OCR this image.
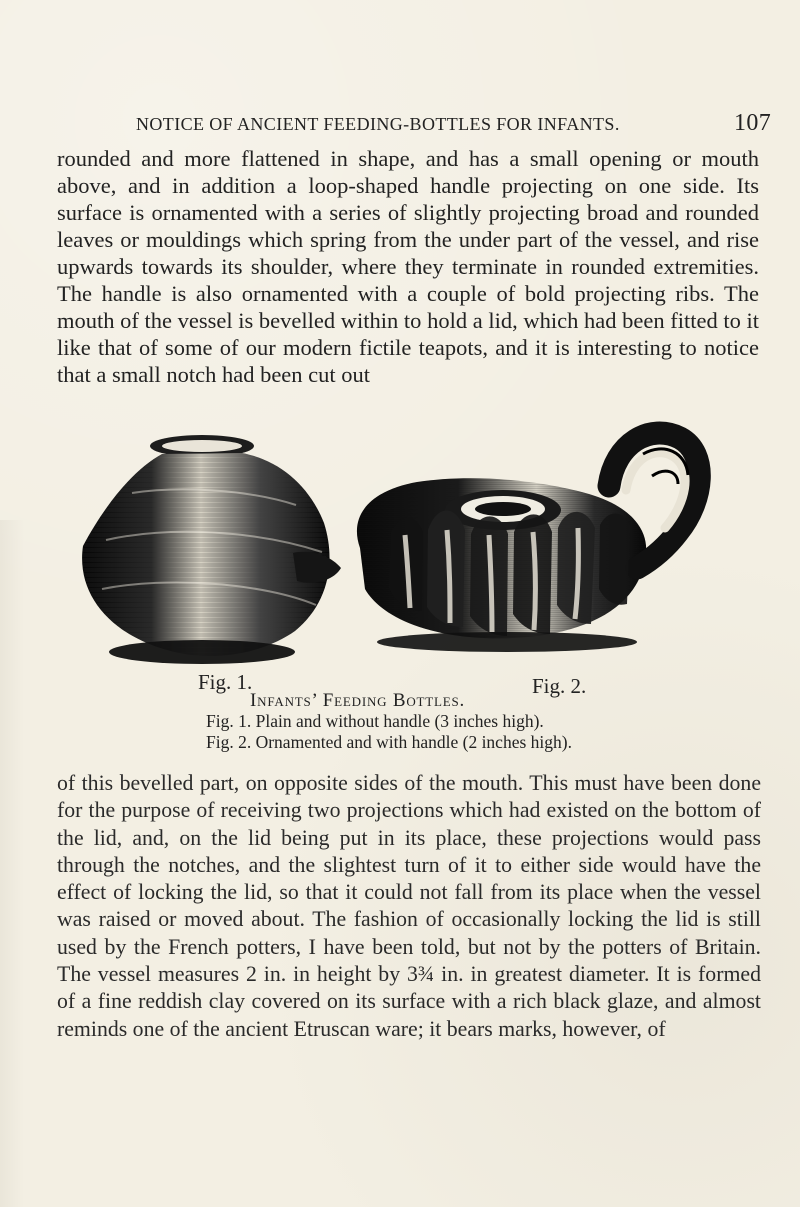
NOTICE OF ANCIENT FEEDING-BOTTLES FOR INFANTS.	107
rounded and more flattened in shape, and has a small opening or mouth above, and in addition a loop-shaped handle projecting on one side. Its surface is ornamented with a series of slightly projecting broad and rounded leaves or mouldings which spring from the under part of the vessel, and rise upwards towards its shoulder, where they terminate in rounded extremities. The handle is also ornamented with a couple of bold projecting ribs. The mouth of the vessel is bevelled within to hold a lid, which had been fitted to it like that of some of our modern fictile teapots, and it is interesting to notice that a small notch had been cut out
Fig. 1.	Fig. 2.
Infants’ Feeding Bottles.
Fig. 1. Plain and without handle (3 inches high).
Fig. 2. Ornamented and with handle (2 inches high).
of this bevelled part, on opposite sides of the mouth. This must have been done for the purpose of receiving two projections which had existed on the bottom of the lid, and, on the lid being put in its place, these projections would pass through the notches, and the slightest turn of it to either side would have the effect of locking the lid, so that it could not fall from its place when the vessel was raised or moved about. The fashion of occasionally locking the lid is still used by the French potters, I have been told, but not by the potters of Britain. The vessel measures 2 in. in height by 3¾ in. in greatest diameter. It is formed of a fine reddish clay covered on its surface with a rich black glaze, and almost reminds one of the ancient Etruscan ware; it bears marks, however, of
